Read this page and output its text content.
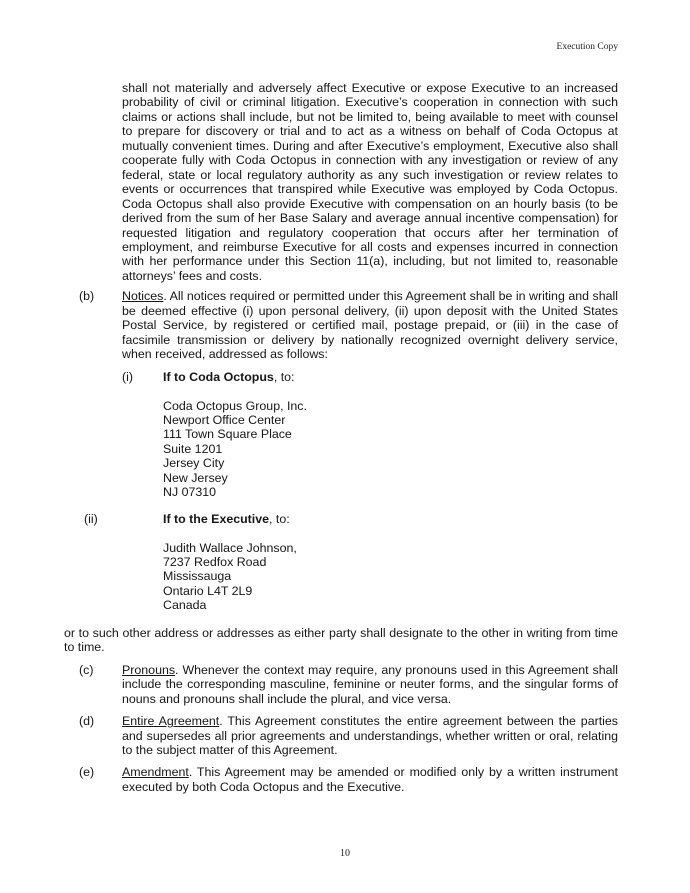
Execution Copy
shall not materially and adversely affect Executive or expose Executive to an increased probability of civil or criminal litigation. Executive’s cooperation in connection with such claims or actions shall include, but not be limited to, being available to meet with counsel to prepare for discovery or trial and to act as a witness on behalf of Coda Octopus at mutually convenient times. During and after Executive’s employment, Executive also shall cooperate fully with Coda Octopus in connection with any investigation or review of any federal, state or local regulatory authority as any such investigation or review relates to events or occurrences that transpired while Executive was employed by Coda Octopus. Coda Octopus shall also provide Executive with compensation on an hourly basis (to be derived from the sum of her Base Salary and average annual incentive compensation) for requested litigation and regulatory cooperation that occurs after her termination of employment, and reimburse Executive for all costs and expenses incurred in connection with her performance under this Section 11(a), including, but not limited to, reasonable attorneys’ fees and costs.
(b) Notices. All notices required or permitted under this Agreement shall be in writing and shall be deemed effective (i) upon personal delivery, (ii) upon deposit with the United States Postal Service, by registered or certified mail, postage prepaid, or (iii) in the case of facsimile transmission or delivery by nationally recognized overnight delivery service, when received, addressed as follows:
(i) If to Coda Octopus, to:
Coda Octopus Group, Inc.
Newport Office Center
111 Town Square Place
Suite 1201
Jersey City
New Jersey
NJ 07310
(ii)	If to the Executive, to:
Judith Wallace Johnson,
7237 Redfox Road
Mississauga
Ontario L4T 2L9
Canada
or to such other address or addresses as either party shall designate to the other in writing from time to time.
(c) Pronouns. Whenever the context may require, any pronouns used in this Agreement shall include the corresponding masculine, feminine or neuter forms, and the singular forms of nouns and pronouns shall include the plural, and vice versa.
(d) Entire Agreement. This Agreement constitutes the entire agreement between the parties and supersedes all prior agreements and understandings, whether written or oral, relating to the subject matter of this Agreement.
(e) Amendment. This Agreement may be amended or modified only by a written instrument executed by both Coda Octopus and the Executive.
10
